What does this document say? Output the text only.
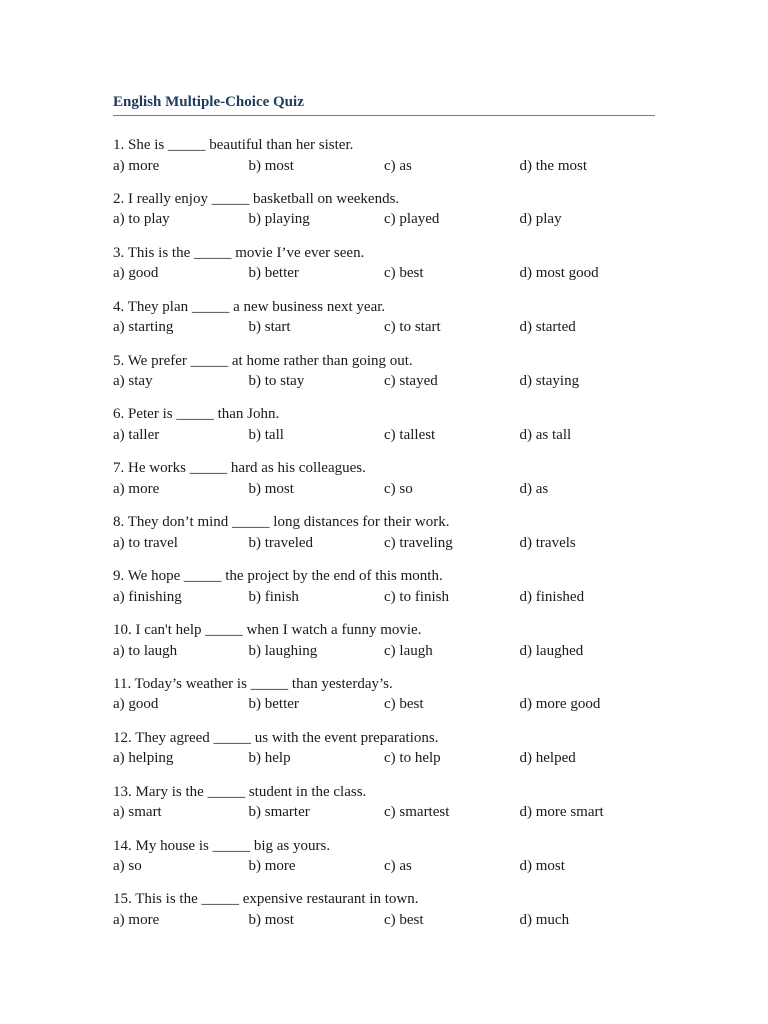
English Multiple-Choice Quiz
1. She is _____ beautiful than her sister.
a) more	b) most	c) as	d) the most
2. I really enjoy _____ basketball on weekends.
a) to play	b) playing	c) played	d) play
3. This is the _____ movie I’ve ever seen.
a) good	b) better	c) best	d) most good
4. They plan _____ a new business next year.
a) starting	b) start	c) to start	d) started
5. We prefer _____ at home rather than going out.
a) stay	b) to stay	c) stayed	d) staying
6. Peter is _____ than John.
a) taller	b) tall	c) tallest	d) as tall
7. He works _____ hard as his colleagues.
a) more	b) most	c) so	d) as
8. They don’t mind _____ long distances for their work.
a) to travel	b) traveled	c) traveling	d) travels
9. We hope _____ the project by the end of this month.
a) finishing	b) finish	c) to finish	d) finished
10. I can't help _____ when I watch a funny movie.
a) to laugh	b) laughing	c) laugh	d) laughed
11. Today’s weather is _____ than yesterday’s.
a) good	b) better	c) best	d) more good
12. They agreed _____ us with the event preparations.
a) helping	b) help	c) to help	d) helped
13. Mary is the _____ student in the class.
a) smart	b) smarter	c) smartest	d) more smart
14. My house is _____ big as yours.
a) so	b) more	c) as	d) most
15. This is the _____ expensive restaurant in town.
a) more	b) most	c) best	d) much
